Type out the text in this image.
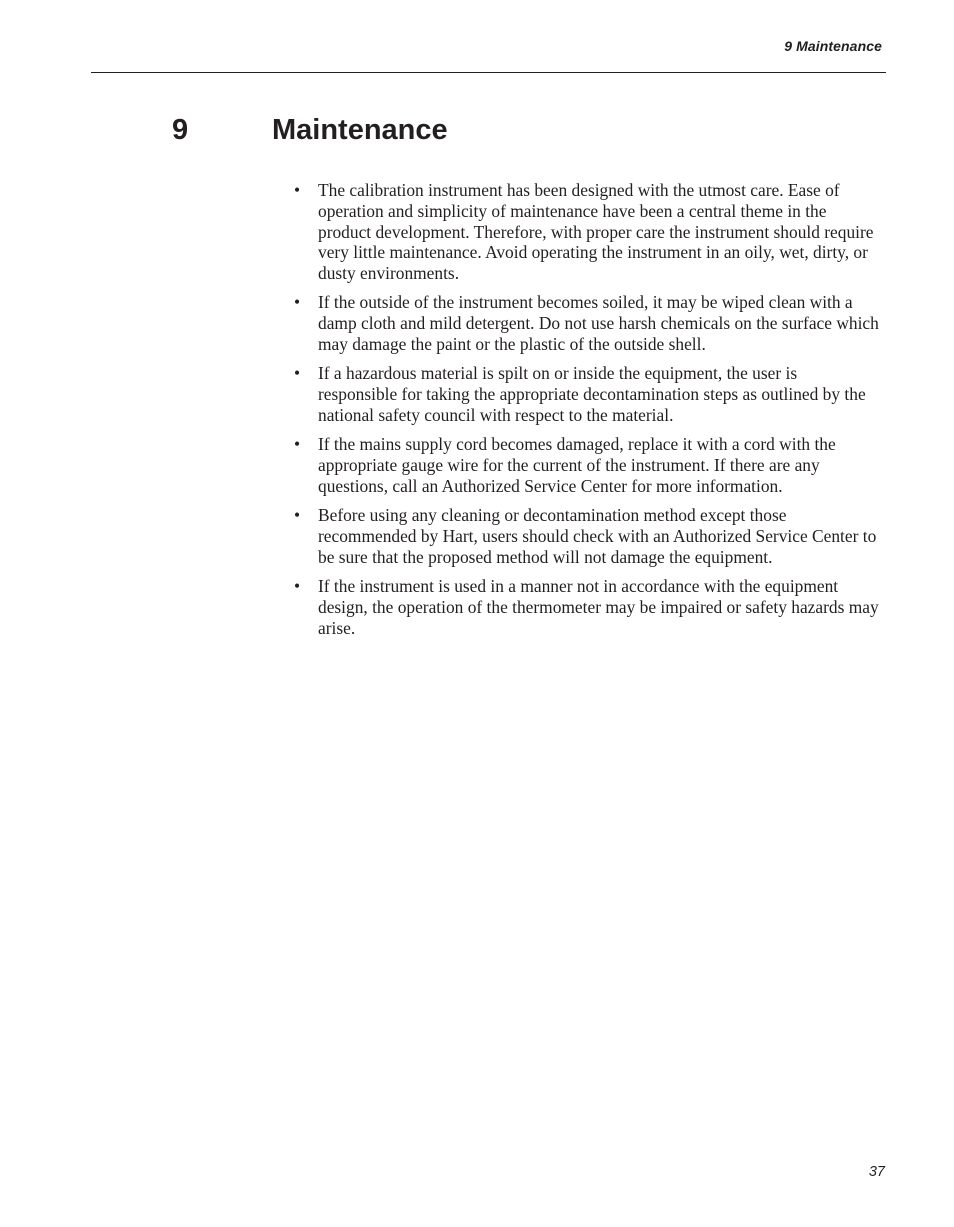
9 Maintenance
9	Maintenance
• The calibration instrument has been designed with the utmost care. Ease of operation and simplicity of maintenance have been a central theme in the product development. Therefore, with proper care the instrument should require very little maintenance. Avoid operating the instrument in an oily, wet, dirty, or dusty environments.
• If the outside of the instrument becomes soiled, it may be wiped clean with a damp cloth and mild detergent. Do not use harsh chemicals on the surface which may damage the paint or the plastic of the outside shell.
• If a hazardous material is spilt on or inside the equipment, the user is responsible for taking the appropriate decontamination steps as outlined by the national safety council with respect to the material.
• If the mains supply cord becomes damaged, replace it with a cord with the appropriate gauge wire for the current of the instrument. If there are any questions, call an Authorized Service Center for more information.
• Before using any cleaning or decontamination method except those recommended by Hart, users should check with an Authorized Service Center to be sure that the proposed method will not damage the equipment.
• If the instrument is used in a manner not in accordance with the equipment design, the operation of the thermometer may be impaired or safety hazards may arise.
37
